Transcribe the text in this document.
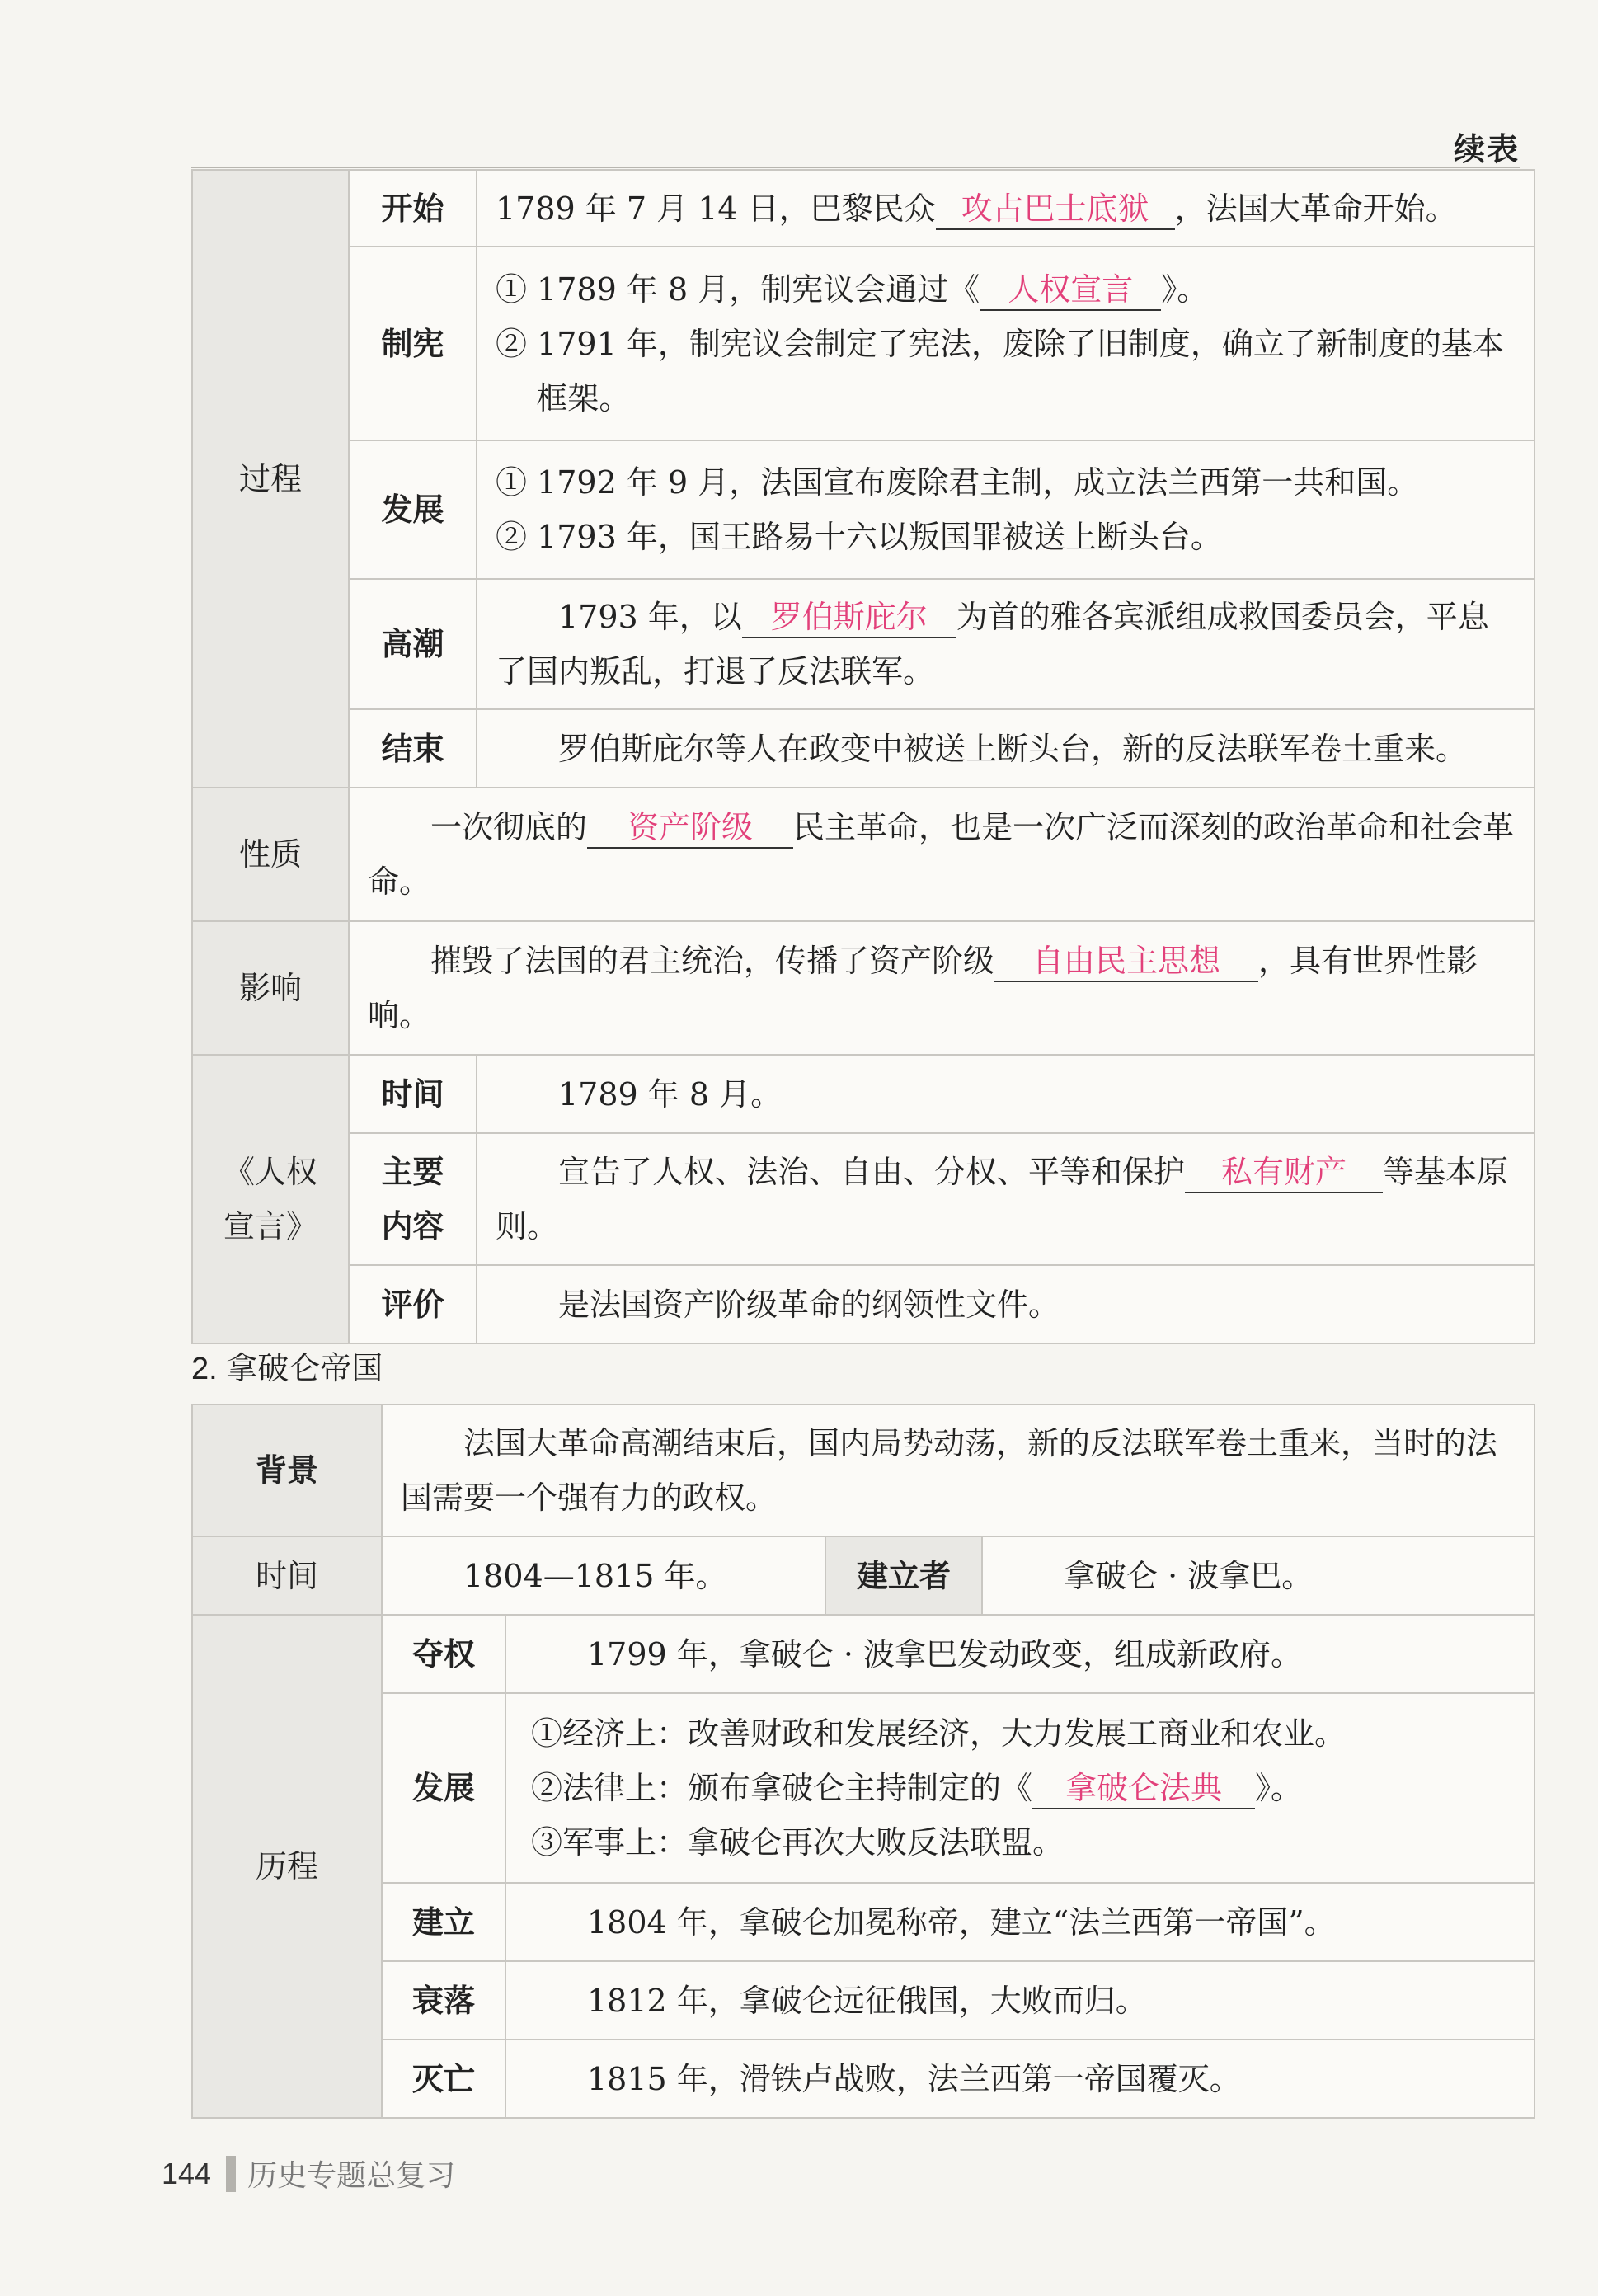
续表
过程	开始	1789 年 7 月 14 日，巴黎民众 攻占巴士底狱 ，法国大革命开始。
	制宪	① 1789 年 8 月，制宪议会通过《 人权宣言 》。
② 1791 年，制宪议会制定了宪法，废除了旧制度，确立了新制度的基本框架。

	发展	① 1792 年 9 月，法国宣布废除君主制，成立法兰西第一共和国。
② 1793 年，国王路易十六以叛国罪被送上断头台。

	高潮	1793 年，以 罗伯斯庇尔 为首的雅各宾派组成救国委员会，平息了国内叛乱，打退了反法联军。
	结束	罗伯斯庇尔等人在政变中被送上断头台，新的反法联军卷土重来。
性质	一次彻底的 资产阶级 民主革命，也是一次广泛而深刻的政治革命和社会革命。	
影响	摧毁了法国的君主统治，传播了资产阶级 自由民主思想 ，具有世界性影响。	

《人权
宣言》	时间	1789 年 8 月。

	主要
内容	宣告了人权、法治、自由、分权、平等和保护 私有财产 等基本原则。
	评价	是法国资产阶级革命的纲领性文件。
2. 拿破仑帝国
背景	法国大革命高潮结束后，国内局势动荡，新的反法联军卷土重来，当时的法国需要一个强有力的政权。			
时间	1804—1815 年。		建立者	拿破仑 · 波拿巴。
历程	夺权	1799 年，拿破仑 · 波拿巴发动政变，组成新政府。		
	发展	①经济上：改善财政和发展经济，大力发展工商业和农业。
②法律上：颁布拿破仑主持制定的《 拿破仑法典 》。
③军事上：拿破仑再次大败反法联盟。		

	建立	1804 年，拿破仑加冕称帝，建立“法兰西第一帝国”。		
	衰落	1812 年，拿破仑远征俄国，大败而归。		
	灭亡	1815 年，滑铁卢战败，法兰西第一帝国覆灭。		
144 历史专题总复习
